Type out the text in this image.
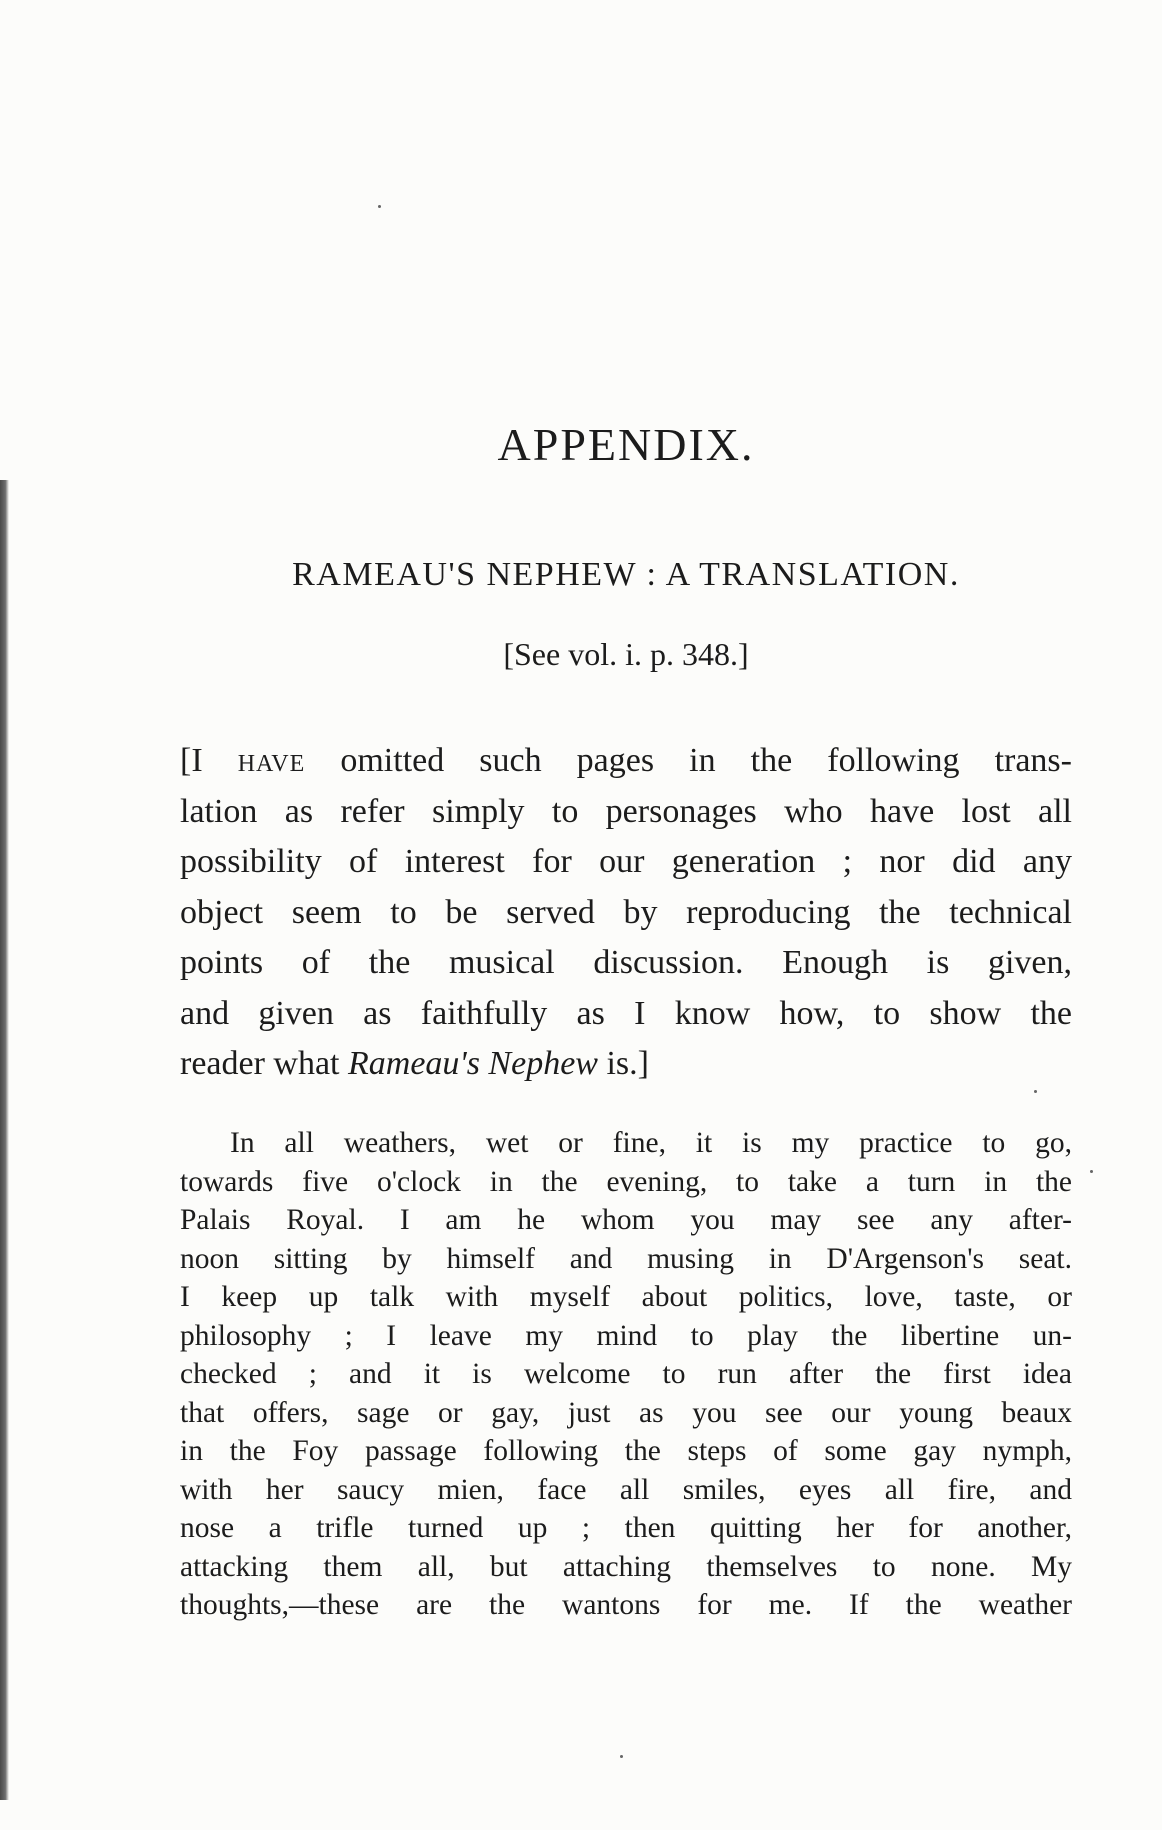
APPENDIX.
RAMEAU'S NEPHEW : A TRANSLATION.
[See vol. i. p. 348.]
[I have omitted such pages in the following trans-
lation as refer simply to personages who have lost all
possibility of interest for our generation ; nor did any
object seem to be served by reproducing the technical
points of the musical discussion. Enough is given,
and given as faithfully as I know how, to show the
reader what Rameau's Nephew is.]
In all weathers, wet or fine, it is my practice to go,
towards five o'clock in the evening, to take a turn in the
Palais Royal. I am he whom you may see any after-
noon sitting by himself and musing in D'Argenson's seat.
I keep up talk with myself about politics, love, taste, or
philosophy ; I leave my mind to play the libertine un-
checked ; and it is welcome to run after the first idea
that offers, sage or gay, just as you see our young beaux
in the Foy passage following the steps of some gay nymph,
with her saucy mien, face all smiles, eyes all fire, and
nose a trifle turned up ; then quitting her for another,
attacking them all, but attaching themselves to none. My
thoughts,—these are the wantons for me. If the weather
